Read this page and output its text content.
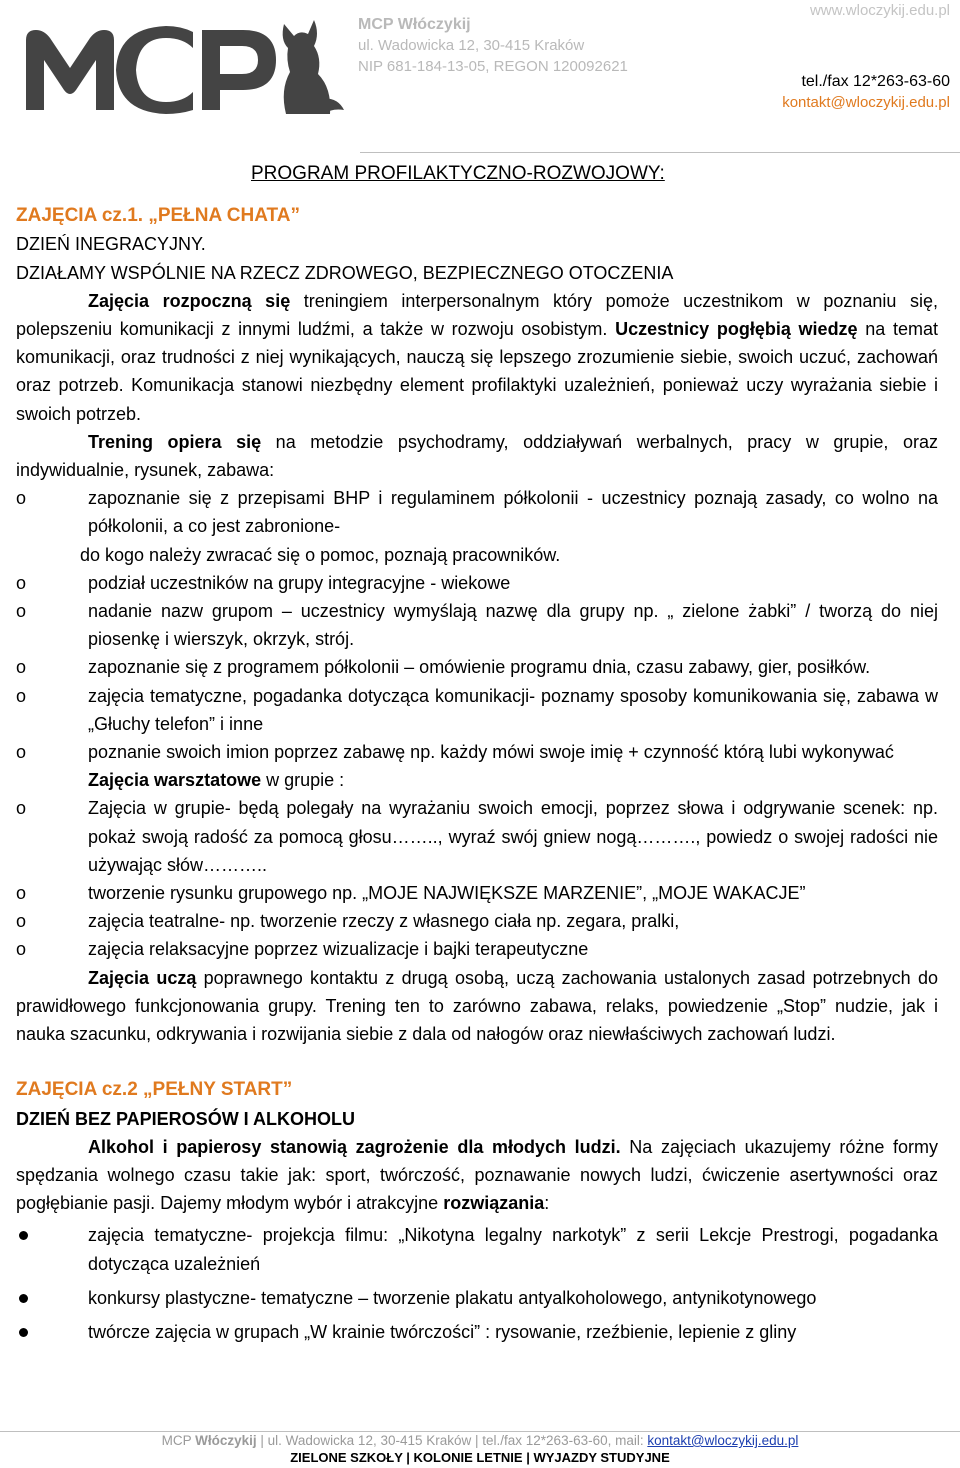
MCP Włóczykij
ul. Wadowicka 12, 30-415 Kraków
NIP 681-184-13-05, REGON 120092621
www.wloczykij.edu.pl
tel./fax 12*263-63-60
kontakt@wloczykij.edu.pl
PROGRAM PROFILAKTYCZNO-ROZWOJOWY:
ZAJĘCIA cz.1. „PEŁNA CHATA”
DZIEŃ INEGRACYJNY.
DZIAŁAMY WSPÓLNIE NA RZECZ ZDROWEGO, BEZPIECZNEGO OTOCZENIA

Zajęcia rozpoczną się treningiem interpersonalnym który pomoże uczestnikom w poznaniu się, polepszeniu komunikacji z innymi ludźmi, a także w rozwoju osobistym. Uczestnicy pogłębią wiedzę na temat komunikacji, oraz trudności z niej wynikających, nauczą się lepszego zrozumienie siebie, swoich uczuć, zachowań oraz potrzeb. Komunikacja stanowi niezbędny element profilaktyki uzależnień, ponieważ uczy wyrażania siebie i swoich potrzeb.

Trening opiera się na metodzie psychodramy, oddziaływań werbalnych, pracy w grupie, oraz indywidualnie, rysunek, zabawa:

o	zapoznanie się z przepisami BHP i regulaminem półkolonii - uczestnicy poznają zasady, co wolno na półkolonii, a co jest zabronione-
do kogo należy zwracać się o pomoc, poznają pracowników.
o	podział uczestników na grupy integracyjne - wiekowe
o	nadanie nazw grupom – uczestnicy wymyślają nazwę dla grupy np. „ zielone żabki” / tworzą do niej piosenkę i wierszyk, okrzyk, strój.
o	zapoznanie się z programem półkolonii – omówienie programu dnia, czasu zabawy, gier, posiłków.
o	zajęcia tematyczne, pogadanka dotycząca komunikacji- poznamy sposoby komunikowania się, zabawa w „Głuchy telefon” i inne
o	poznanie swoich imion poprzez zabawę np. każdy mówi swoje imię + czynność którą lubi wykonywać
Zajęcia warsztatowe w grupie :
o	Zajęcia w grupie- będą polegały na wyrażaniu swoich emocji, poprzez słowa i odgrywanie scenek: np. pokaż swoją radość za pomocą głosu…….., wyraź swój gniew nogą………., powiedz o swojej radości nie używając słów………..
o	tworzenie rysunku grupowego np. „MOJE NAJWIĘKSZE MARZENIE”, „MOJE WAKACJE”
o	zajęcia teatralne- np. tworzenie rzeczy z własnego ciała np. zegara, pralki,
o	zajęcia relaksacyjne poprzez wizualizacje i bajki terapeutyczne

Zajęcia uczą poprawnego kontaktu z drugą osobą, uczą zachowania ustalonych zasad potrzebnych do prawidłowego funkcjonowania grupy. Trening ten to zarówno zabawa, relaks, powiedzenie „Stop” nudzie, jak i nauka szacunku, odkrywania i rozwijania siebie z dala od nałogów oraz niewłaściwych zachowań ludzi.

ZAJĘCIA cz.2 „PEŁNY START”
DZIEŃ BEZ PAPIEROSÓW I ALKOHOLU

Alkohol i papierosy stanowią zagrożenie dla młodych ludzi. Na zajęciach ukazujemy różne formy spędzania wolnego czasu takie jak: sport, twórczość, poznawanie nowych ludzi, ćwiczenie asertywności oraz pogłębianie pasji. Dajemy młodym wybór i atrakcyjne rozwiązania:

zajęcia tematyczne- projekcja filmu: „Nikotyna legalny narkotyk” z serii Lekcje Prestrogi, pogadanka dotycząca uzależnień
konkursy plastyczne- tematyczne – tworzenie plakatu antyalkoholowego, antynikotynowego
twórcze zajęcia w grupach „W krainie twórczości” : rysowanie, rzeźbienie, lepienie z gliny
MCP Włóczykij | ul. Wadowicka 12, 30-415 Kraków | tel./fax 12*263-63-60, mail: kontakt@wloczykij.edu.pl
ZIELONE SZKOŁY | KOLONIE LETNIE | WYJAZDY STUDYJNE
